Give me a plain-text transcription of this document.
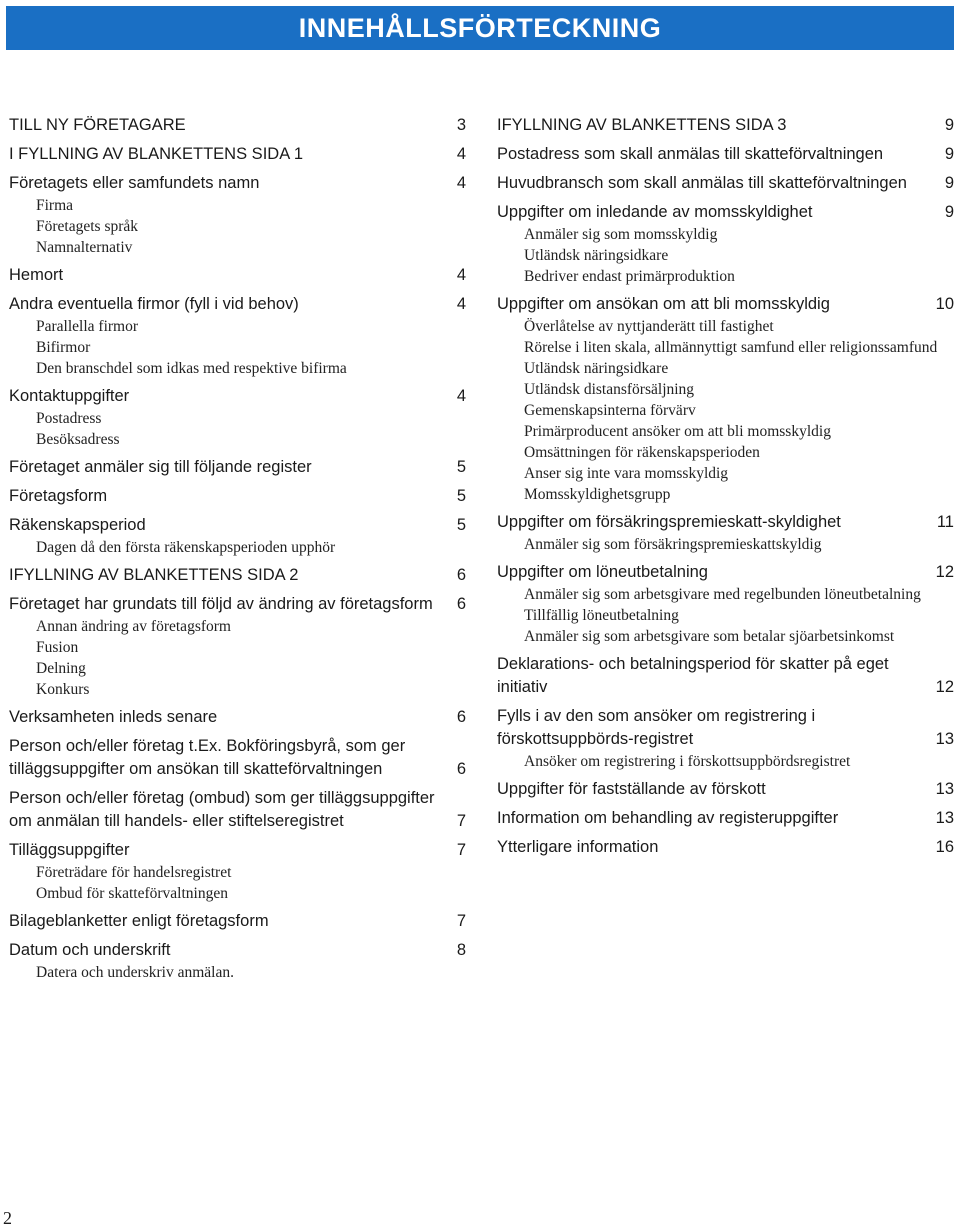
INNEHÅLLSFÖRTECKNING
TILL NY FÖRETAGARE	3
I FYLLNING AV BLANKETTENS SIDA 1	4
Företagets eller samfundets namn	4
Firma
Företagets språk
Namnalternativ
Hemort	4
Andra eventuella firmor (fyll i vid behov)	4
Parallella firmor
Bifirmor
Den branschdel som idkas med respektive bifirma
Kontaktuppgifter	4
Postadress
Besöksadress
Företaget anmäler sig till följande register	5
Företagsform	5
Räkenskapsperiod	5
Dagen då den första räkenskapsperioden upphör
IFYLLNING AV BLANKETTENS SIDA 2	6
Företaget har grundats till följd av ändring av företagsform	6
Annan ändring av företagsform
Fusion
Delning
Konkurs
Verksamheten inleds senare	6
Person och/eller företag t.Ex. Bokföringsbyrå, som ger tilläggsuppgifter om ansökan till skatteförvaltningen	6
Person och/eller företag (ombud) som ger tilläggsuppgifter om anmälan till handels- eller stiftelseregistret	7
Tilläggsuppgifter	7
Företrädare för handelsregistret
Ombud för skatteförvaltningen
Bilageblanketter enligt företagsform	7
Datum och underskrift	8
Datera och underskriv anmälan.
IFYLLNING AV BLANKETTENS SIDA 3	9
Postadress som skall anmälas till skatteförvaltningen	9
Huvudbransch som skall anmälas till skatteförvaltningen	9
Uppgifter om inledande av momsskyldighet	9
Anmäler sig som momsskyldig
Utländsk näringsidkare
Bedriver endast primärproduktion
Uppgifter om ansökan om att bli momsskyldig	10
Överlåtelse av nyttjanderätt till fastighet
Rörelse i liten skala, allmännyttigt samfund eller religionssamfund
Utländsk näringsidkare
Utländsk distansförsäljning
Gemenskapsinterna förvärv
Primärproducent ansöker om att bli momsskyldig
Omsättningen för räkenskapsperioden
Anser sig inte vara momsskyldig
Momsskyldighetsgrupp
Uppgifter om försäkringspremieskatt-skyldighet	11
Anmäler sig som försäkringspremieskattskyldig
Uppgifter om löneutbetalning	12
Anmäler sig som arbetsgivare med regelbunden löneutbetalning
Tillfällig löneutbetalning
Anmäler sig som arbetsgivare som betalar sjöarbetsinkomst
Deklarations- och betalningsperiod för skatter på eget initiativ	12
Fylls i av den som ansöker om registrering i förskottsuppbörds-registret	13
Ansöker om registrering i förskottsuppbördsregistret
Uppgifter för fastställande av förskott	13
Information om behandling av registeruppgifter	13
Ytterligare information	16
2
